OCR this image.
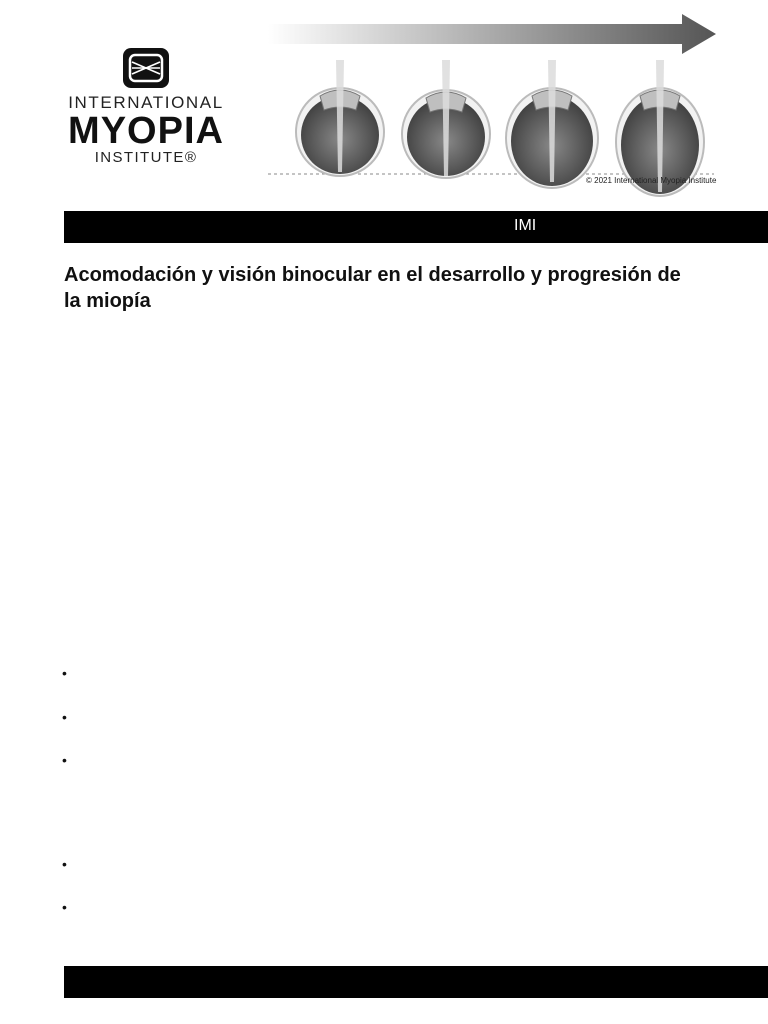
INTERNATIONAL
MYOPIA
INSTITUTE®
© 2021 International Myopia Institute
IMI
Acomodación y visión binocular en el desarrollo y progresión de la miopía
•
•
•
•
•
